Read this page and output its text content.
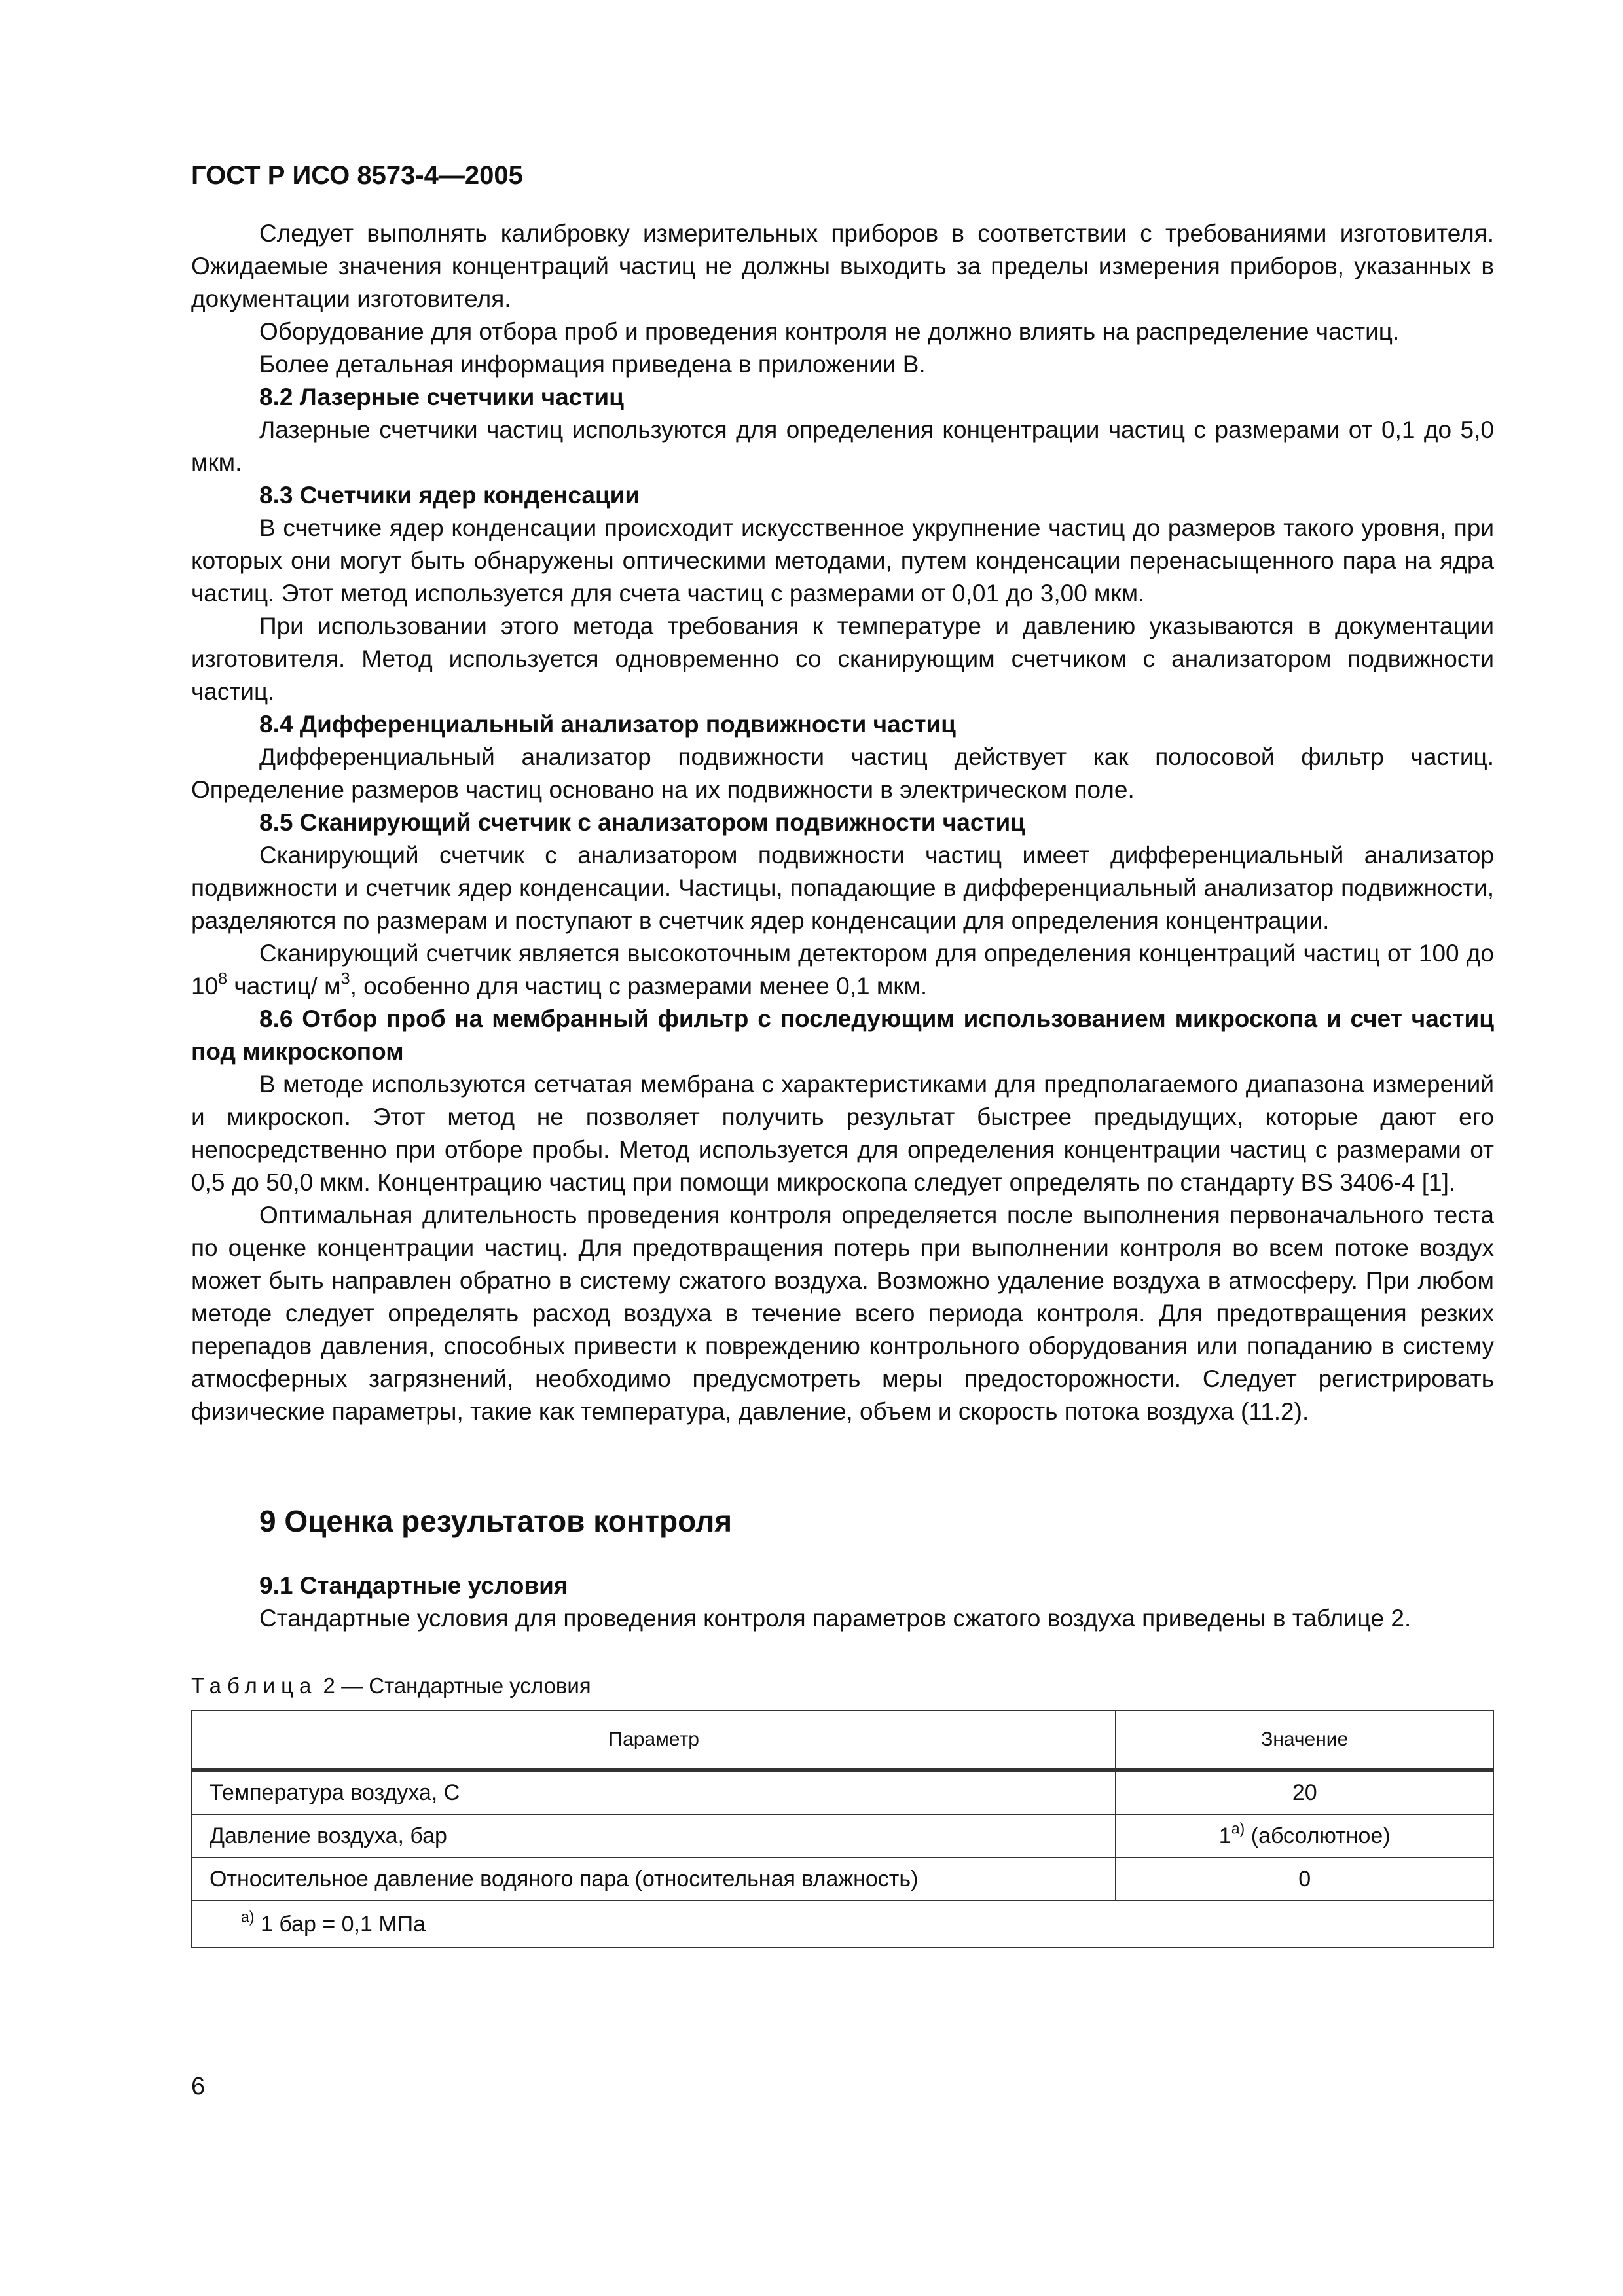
ГОСТ Р ИСО 8573-4—2005

Следует выполнять калибровку измерительных приборов в соответствии с требованиями изготовителя. Ожидаемые значения концентраций частиц не должны выходить за пределы измерения приборов, указанных в документации изготовителя.

Оборудование для отбора проб и проведения контроля не должно влиять на распределение частиц.

Более детальная информация приведена в приложении В.

8.2 Лазерные счетчики частиц

Лазерные счетчики частиц используются для определения концентрации частиц с размерами от 0,1 до 5,0 мкм.

8.3 Счетчики ядер конденсации

В счетчике ядер конденсации происходит искусственное укрупнение частиц до размеров такого уровня, при которых они могут быть обнаружены оптическими методами, путем конденсации перенасыщенного пара на ядра частиц. Этот метод используется для счета частиц с размерами от 0,01 до 3,00 мкм.

При использовании этого метода требования к температуре и давлению указываются в документации изготовителя. Метод используется одновременно со сканирующим счетчиком с анализатором подвижности частиц.

8.4 Дифференциальный анализатор подвижности частиц

Дифференциальный анализатор подвижности частиц действует как полосовой фильтр частиц. Определение размеров частиц основано на их подвижности в электрическом поле.

8.5 Сканирующий счетчик с анализатором подвижности частиц

Сканирующий счетчик с анализатором подвижности частиц имеет дифференциальный анализатор подвижности и счетчик ядер конденсации. Частицы, попадающие в дифференциальный анализатор подвижности, разделяются по размерам и поступают в счетчик ядер конденсации для определения концентрации.

Сканирующий счетчик является высокоточным детектором для определения концентраций частиц от 100 до $10^8$ частиц/ $м^3$, особенно для частиц с размерами менее 0,1 мкм.

8.6 Отбор проб на мембранный фильтр с последующим использованием микроскопа и счет частиц под микроскопом

В методе используются сетчатая мембрана с характеристиками для предполагаемого диапазона измерений и микроскоп. Этот метод не позволяет получить результат быстрее предыдущих, которые дают его непосредственно при отборе пробы. Метод используется для определения концентрации частиц с размерами от 0,5 до 50,0 мкм. Концентрацию частиц при помощи микроскопа следует определять по стандарту BS 3406-4 [1].

Оптимальная длительность проведения контроля определяется после выполнения первоначального теста по оценке концентрации частиц. Для предотвращения потерь при выполнении контроля во всем потоке воздух может быть направлен обратно в систему сжатого воздуха. Возможно удаление воздуха в атмосферу. При любом методе следует определять расход воздуха в течение всего периода контроля. Для предотвращения резких перепадов давления, способных привести к повреждению контрольного оборудования или попаданию в систему атмосферных загрязнений, необходимо предусмотреть меры предосторожности. Следует регистрировать физические параметры, такие как температура, давление, объем и скорость потока воздуха (11.2).

9 Оценка результатов контроля

9.1 Стандартные условия

Стандартные условия для проведения контроля параметров сжатого воздуха приведены в таблице 2.

Таблица 2 — Стандартные условия
Параметр	Значение
Температура воздуха, С	20
Давление воздуха, бар	1$^{a)}$ (абсолютное)
Относительное давление водяного пара (относительная влажность)	0
$^{a)}$ 1 бар = 0,1 МПа	
6
